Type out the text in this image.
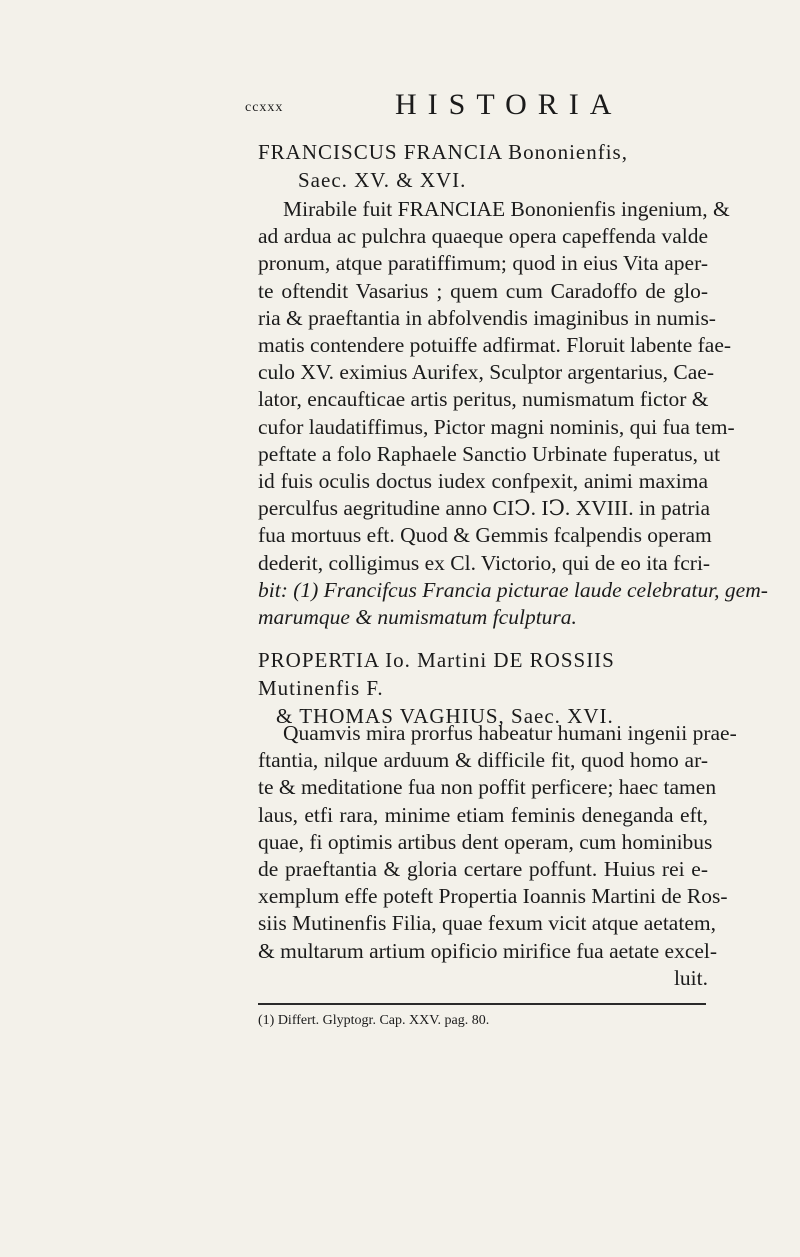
ccxxx	HISTORIA
FRANCISCUS FRANCIA Bononienfis,
Saec. XV. & XVI.
Mirabile fuit FRANCIAE Bononienfis ingenium, &
ad ardua ac pulchra quaeque opera capeffenda valde
pronum, atque paratiffimum; quod in eius Vita aper-
te oftendit Vasarius ; quem cum Caradoffo de glo-
ria & praeftantia in abfolvendis imaginibus in numis-
matis contendere potuiffe adfirmat. Floruit labente fae-
culo XV. eximius Aurifex, Sculptor argentarius, Cae-
lator, encaufticae artis peritus, numismatum fictor &
cufor laudatiffimus, Pictor magni nominis, qui fua tem-
peftate a folo Raphaele Sanctio Urbinate fuperatus, ut
id fuis oculis doctus iudex confpexit, animi maxima
perculfus aegritudine anno CIↃ. IↃ. XVIII. in patria
fua mortuus eft. Quod & Gemmis fcalpendis operam
dederit, colligimus ex Cl. Victorio, qui de eo ita fcri-
bit: (1) Francifcus Francia picturae laude celebratur, gem-
marumque & numismatum fculptura.
PROPERTIA Io. Martini DE ROSSIIS Mutinenfis F.
& THOMAS VAGHIUS, Saec. XVI.
Quamvis mira prorfus habeatur humani ingenii prae-
ftantia, nilque arduum & difficile fit, quod homo ar-
te & meditatione fua non poffit perficere; haec tamen
laus, etfi rara, minime etiam feminis deneganda eft,
quae, fi optimis artibus dent operam, cum hominibus
de praeftantia & gloria certare poffunt. Huius rei e-
xemplum effe poteft Propertia Ioannis Martini de Ros-
siis Mutinenfis Filia, quae fexum vicit atque aetatem,
& multarum artium opificio mirifice fua aetate excel-
luit.
(1) Differt. Glyptogr. Cap. XXV. pag. 80.
